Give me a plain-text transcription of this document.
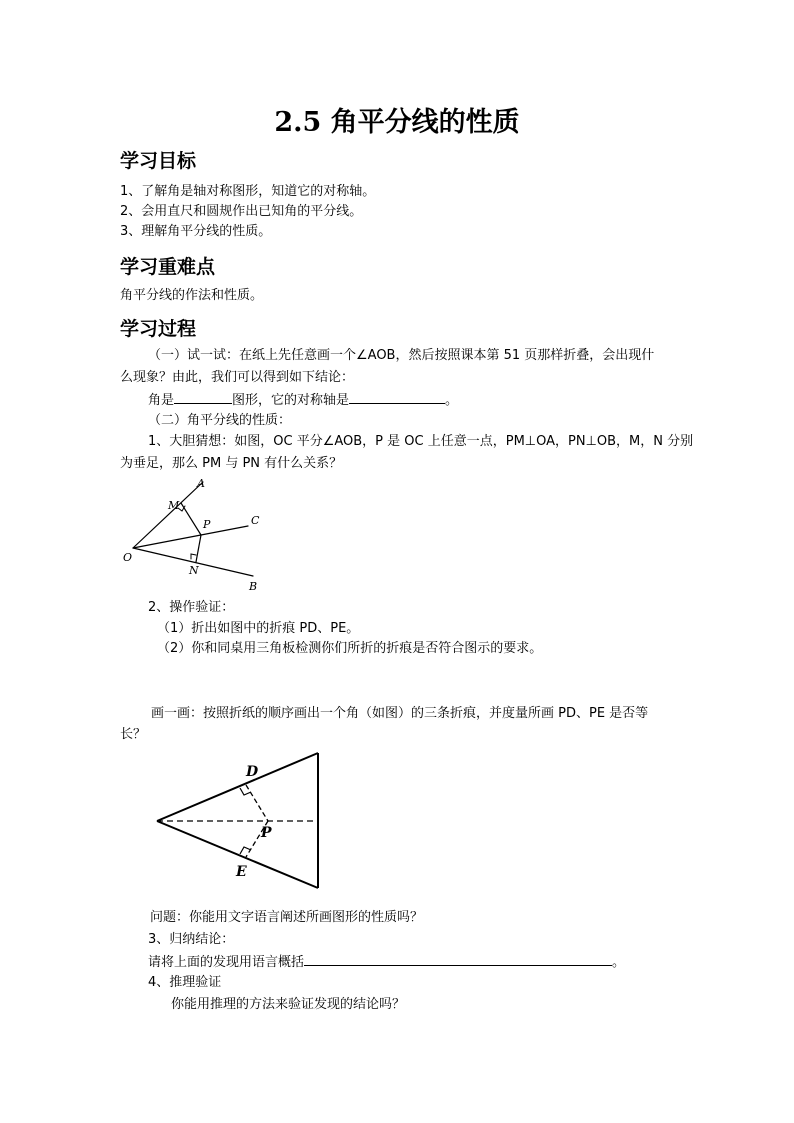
2.5 角平分线的性质
学习目标
1、了解角是轴对称图形，知道它的对称轴。
2、会用直尺和圆规作出已知角的平分线。
3、理解角平分线的性质。
学习重难点
角平分线的作法和性质。
学习过程
（一）试一试：在纸上先任意画一个∠AOB，然后按照课本第 51 页那样折叠，会出现什
么现象？由此，我们可以得到如下结论：
角是	图形，它的对称轴是	。
（二）角平分线的性质：
1、大胆猜想：如图，OC 平分∠AOB，P 是 OC 上任意一点，PM⊥OA，PN⊥OB，M，N 分别
为垂足，那么 PM 与 PN 有什么关系？
A
M
P	C
O
N
B
2、操作验证：
（1）折出如图中的折痕 PD、PE。
（2）你和同桌用三角板检测你们所折的折痕是否符合图示的要求。
画一画：按照折纸的顺序画出一个角（如图）的三条折痕，并度量所画 PD、PE 是否等
长？
D
P
E
问题：你能用文字语言阐述所画图形的性质吗？
3、归纳结论：
请将上面的发现用语言概括	。
4、推理验证
你能用推理的方法来验证发现的结论吗？
